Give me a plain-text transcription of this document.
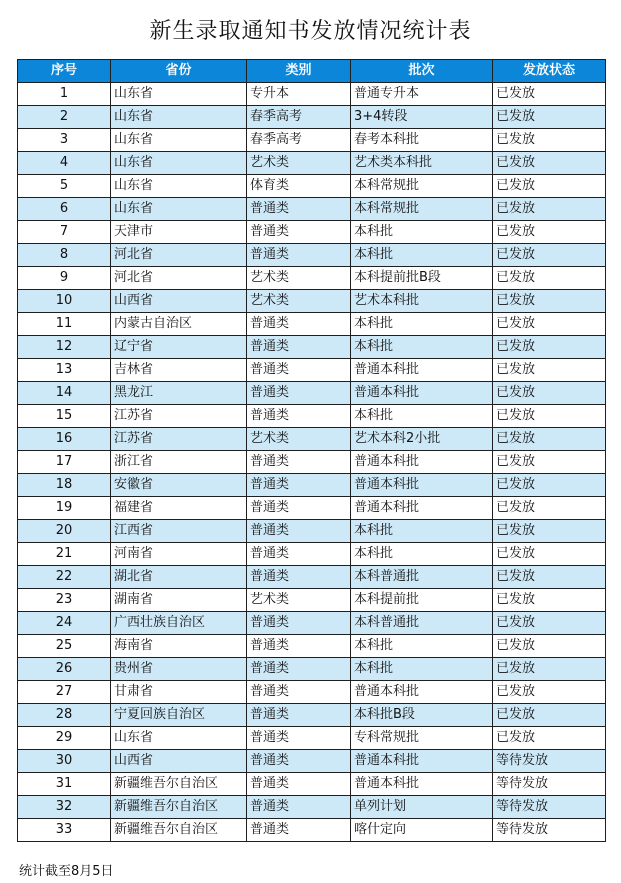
新生录取通知书发放情况统计表
序号	省份	类别	批次	发放状态
1	山东省	专升本	普通专升本	已发放
2	山东省	春季高考	3+4转段	已发放
3	山东省	春季高考	春考本科批	已发放
4	山东省	艺术类	艺术类本科批	已发放
5	山东省	体育类	本科常规批	已发放
6	山东省	普通类	本科常规批	已发放
7	天津市	普通类	本科批	已发放
8	河北省	普通类	本科批	已发放
9	河北省	艺术类	本科提前批B段	已发放
10	山西省	艺术类	艺术本科批	已发放
11	内蒙古自治区	普通类	本科批	已发放
12	辽宁省	普通类	本科批	已发放
13	吉林省	普通类	普通本科批	已发放
14	黑龙江	普通类	普通本科批	已发放
15	江苏省	普通类	本科批	已发放
16	江苏省	艺术类	艺术本科2小批	已发放
17	浙江省	普通类	普通本科批	已发放
18	安徽省	普通类	普通本科批	已发放
19	福建省	普通类	普通本科批	已发放
20	江西省	普通类	本科批	已发放
21	河南省	普通类	本科批	已发放
22	湖北省	普通类	本科普通批	已发放
23	湖南省	艺术类	本科提前批	已发放
24	广西壮族自治区	普通类	本科普通批	已发放
25	海南省	普通类	本科批	已发放
26	贵州省	普通类	本科批	已发放
27	甘肃省	普通类	普通本科批	已发放
28	宁夏回族自治区	普通类	本科批B段	已发放
29	山东省	普通类	专科常规批	已发放
30	山西省	普通类	普通本科批	等待发放
31	新疆维吾尔自治区	普通类	普通本科批	等待发放
32	新疆维吾尔自治区	普通类	单列计划	等待发放
33	新疆维吾尔自治区	普通类	喀什定向	等待发放
统计截至8月5日
